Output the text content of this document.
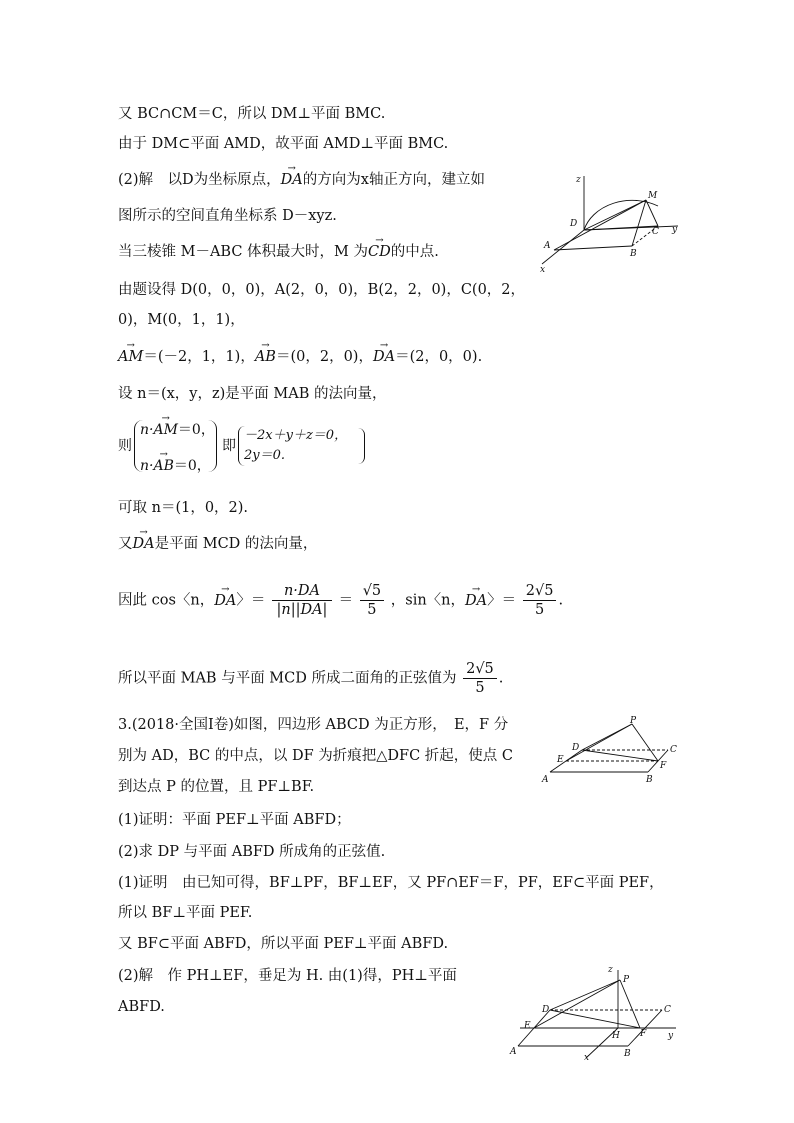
又 BC∩CM＝C，所以 DM⊥平面 BMC.
由于 DM⊂平面 AMD，故平面 AMD⊥平面 BMC.
(2)解　以D为坐标原点，→ DA的方向为x轴正方向，建立如
图所示的空间直角坐标系 D－xyz.
当三棱锥 M－ABC 体积最大时，M 为→ CD的中点.
由题设得 D(0，0，0)，A(2，0，0)，B(2，2，0)，C(0，2，
0)，M(0，1，1)，
→ AM＝(－2，1，1)，→ AB＝(0，2，0)，→ DA＝(2，0，0).
设 n＝(x，y，z)是平面 MAB 的法向量，
则
n·→ AM＝0，
n·→ AB＝0，
即
－2x＋y＋z＝0，
2y＝0.
可取 n＝(1，0，2).
又→ DA是平面 MCD 的法向量，
因此 cos〈n，→ DA〉＝ $\frac{n\cdot DA}{|n||DA|} = \frac{√5}{5}$ ，sin〈n，→ DA〉＝ $\frac{2√5}{5}$ .
所以平面 MAB 与平面 MCD 所成二面角的正弦值为 $\frac{2√5}{5}$ .
3.(2018·全国Ⅰ卷)如图，四边形 ABCD 为正方形，　E，F 分
别为 AD，BC 的中点，以 DF 为折痕把△DFC 折起，使点 C
到达点 P 的位置，且 PF⊥BF.
(1)证明：平面 PEF⊥平面 ABFD；
(2)求 DP 与平面 ABFD 所成角的正弦值.
(1)证明　由已知可得，BF⊥PF，BF⊥EF，又 PF∩EF＝F，PF，EF⊂平面 PEF，
所以 BF⊥平面 PEF.
又 BF⊂平面 ABFD，所以平面 PEF⊥平面 ABFD.
(2)解　作 PH⊥EF，垂足为 H. 由(1)得，PH⊥平面
ABFD.
z
M
D
C y
A
B
x
P
D	C
E
F
A	B
z
P
D	C
E
H F y
A
x	B
